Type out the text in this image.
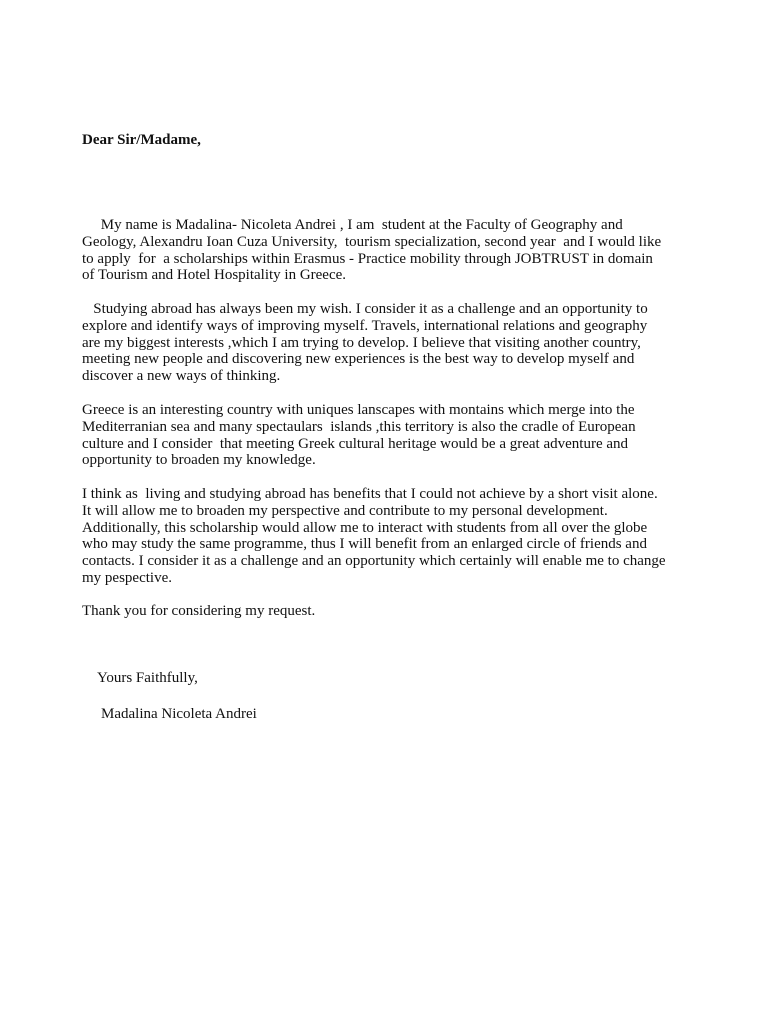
Dear Sir/Madame,
My name is Madalina- Nicoleta Andrei , I am  student at the Faculty of Geography and
Geology, Alexandru Ioan Cuza University,  tourism specialization, second year  and I would like
to apply  for  a scholarships within Erasmus - Practice mobility through JOBTRUST in domain
of Tourism and Hotel Hospitality in Greece.
Studying abroad has always been my wish. I consider it as a challenge and an opportunity to
explore and identify ways of improving myself. Travels, international relations and geography
are my biggest interests ,which I am trying to develop. I believe that visiting another country,
meeting new people and discovering new experiences is the best way to develop myself and
discover a new ways of thinking.
Greece is an interesting country with uniques lanscapes with montains which merge into the
Mediterranian sea and many spectaulars  islands ,this territory is also the cradle of European
culture and I consider  that meeting Greek cultural heritage would be a great adventure and
opportunity to broaden my knowledge.
I think as  living and studying abroad has benefits that I could not achieve by a short visit alone.
It will allow me to broaden my perspective and contribute to my personal development.
Additionally, this scholarship would allow me to interact with students from all over the globe
who may study the same programme, thus I will benefit from an enlarged circle of friends and
contacts. I consider it as a challenge and an opportunity which certainly will enable me to change
my pespective.
Thank you for considering my request.
Yours Faithfully,
Madalina Nicoleta Andrei
